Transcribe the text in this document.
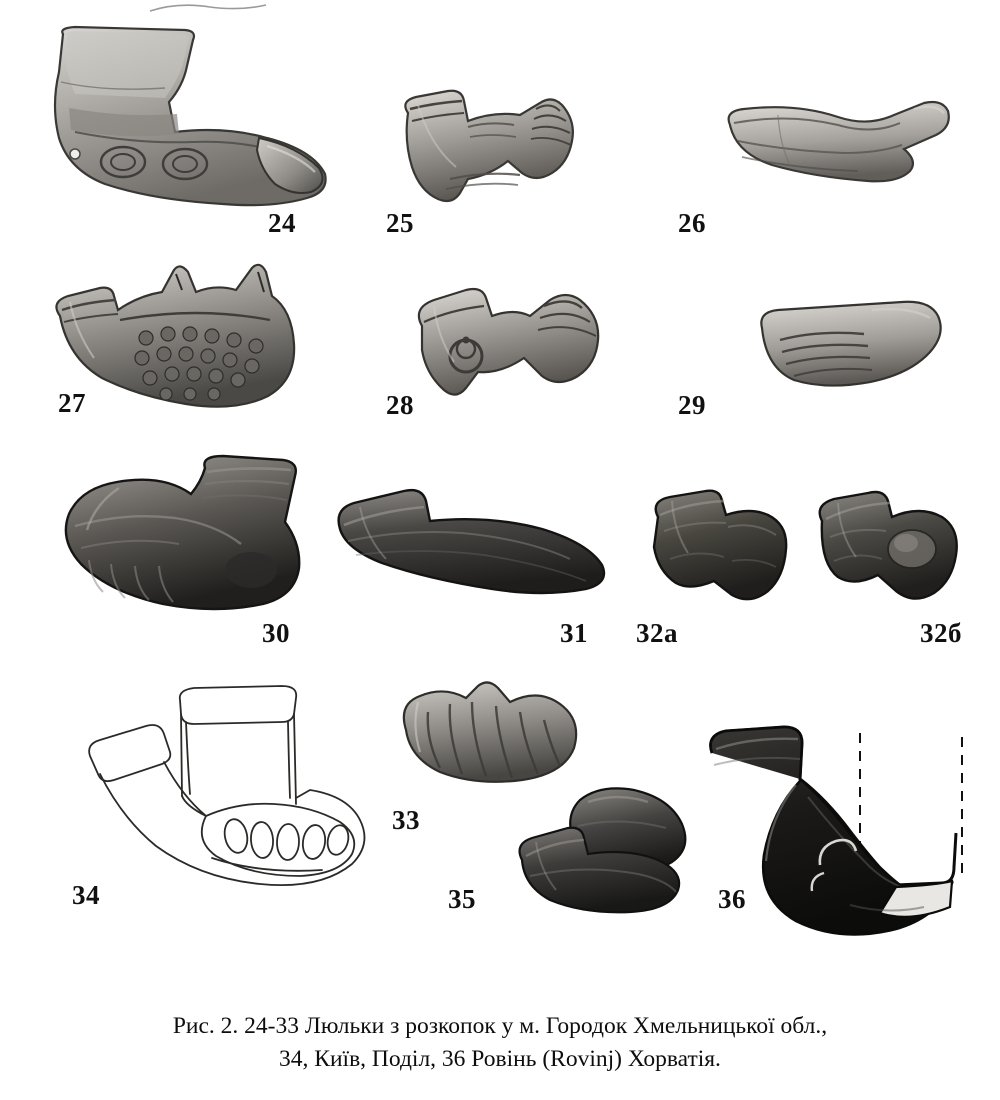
24	25	26
27	28	29
30	31 32а	32б
34
33
35	36
Рис. 2. 24-33 Люльки з розкопок у м. Городок Хмельницької обл.,
34, Київ, Поділ, 36 Ровінь (Rovinj) Хорватія.
